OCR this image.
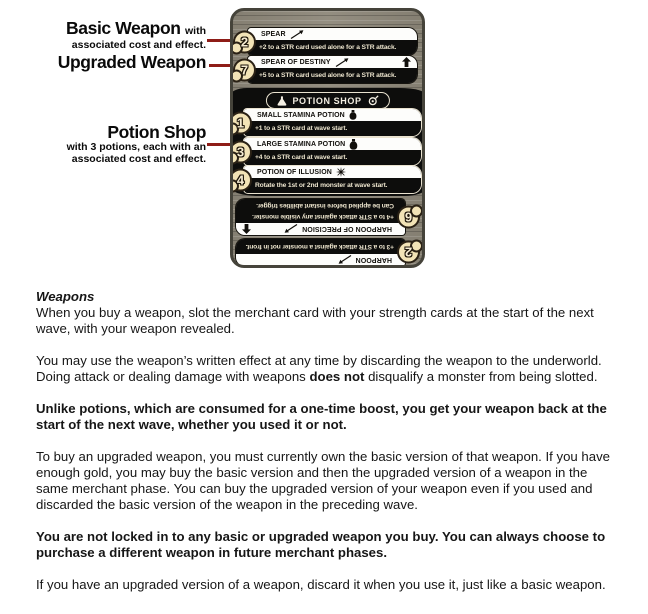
Basic Weapon with
associated cost and effect.
Upgraded Weapon
Potion Shop
with 3 potions, each with an
associated cost and effect.
2 SPEAR
+2 to a STR card used alone for a STR attack.
7 SPEAR OF DESTINY
+5 to a STR card used alone for a STR attack.
POTION SHOP
1 SMALL STAMINA POTION
+1 to a STR card at wave start.
3 LARGE STAMINA POTION
+4 to a STR card at wave start.
4 POTION OF ILLUSION
Rotate the 1st or 2nd monster at wave start.
2
HARPOON
+3 to a STR attack against a monster not in front.
6
HARPOON OF PRECISION
+4 to a STR attack against any visible monster. Can be applied before instant abilities trigger.
Weapons

When you buy a weapon, slot the merchant card with your strength cards at the start of the next wave, with your weapon revealed.

You may use the weapon’s written effect at any time by discarding the weapon to the underworld. Doing attack or dealing damage with weapons does not disqualify a monster from being slotted.

Unlike potions, which are consumed for a one-time boost, you get your weapon back at the start of the next wave, whether you used it or not.

To buy an upgraded weapon, you must currently own the basic version of that weapon. If you have enough gold, you may buy the basic version and then the upgraded version of a weapon in the same merchant phase. You can buy the upgraded version of your weapon even if you used and discarded the basic version of the weapon in the preceding wave.

You are not locked in to any basic or upgraded weapon you buy. You can always choose to purchase a different weapon in future merchant phases.

If you have an upgraded version of a weapon, discard it when you use it, just like a basic weapon.
